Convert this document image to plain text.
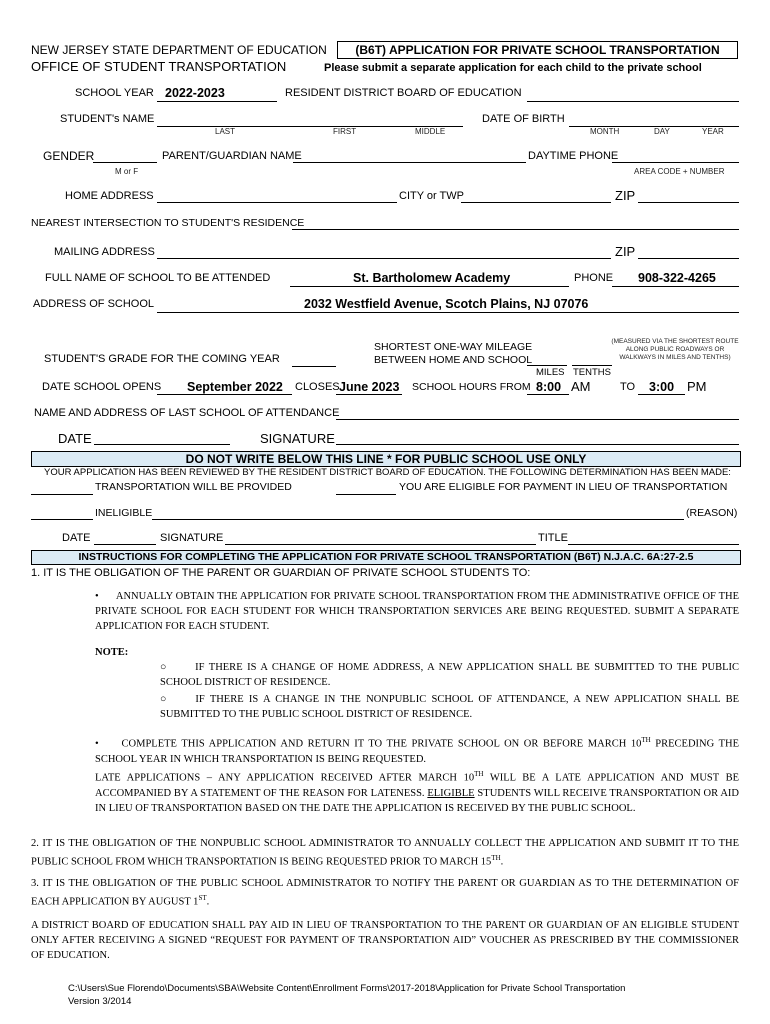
NEW JERSEY STATE DEPARTMENT OF EDUCATION
OFFICE OF STUDENT TRANSPORTATION
(B6T) APPLICATION FOR PRIVATE SCHOOL TRANSPORTATION
Please submit a separate application for each child to the private school
SCHOOL YEAR 2022-2023	RESIDENT DISTRICT BOARD OF EDUCATION
STUDENT's NAME
LAST	FIRST	MIDDLE
DATE OF BIRTH
MONTH	DAY	YEAR
GENDER
M or F
PARENT/GUARDIAN NAME	DAYTIME PHONE
AREA CODE + NUMBER
HOME ADDRESS	CITY or TWP	ZIP
NEAREST INTERSECTION TO STUDENT'S RESIDENCE
MAILING ADDRESS	ZIP
FULL NAME OF SCHOOL TO BE ATTENDED	St. Bartholomew Academy	PHONE 908-322-4265
ADDRESS OF SCHOOL	2032 Westfield Avenue, Scotch Plains, NJ 07076
SHORTEST ONE-WAY MILEAGE
BETWEEN HOME AND SCHOOL
(MEASURED VIA THE SHORTEST ROUTE
ALONG PUBLIC ROADWAYS OR
WALKWAYS IN MILES AND TENTHS)
MILES TENTHS
STUDENT'S GRADE FOR THE COMING YEAR
DATE SCHOOL OPENS September 2022 CLOSES June 2023 SCHOOL HOURS FROM 8:00 AM	TO 3:00 PM
NAME AND ADDRESS OF LAST SCHOOL OF ATTENDANCE
DATE	SIGNATURE
DO NOT WRITE BELOW THIS LINE * FOR PUBLIC SCHOOL USE ONLY
YOUR APPLICATION HAS BEEN REVIEWED BY THE RESIDENT DISTRICT BOARD OF EDUCATION. THE FOLLOWING DETERMINATION HAS BEEN MADE:
TRANSPORTATION WILL BE PROVIDED	YOU ARE ELIGIBLE FOR PAYMENT IN LIEU OF TRANSPORTATION
INELIGIBLE	(REASON)
DATE	SIGNATURE	TITLE
INSTRUCTIONS FOR COMPLETING THE APPLICATION FOR PRIVATE SCHOOL TRANSPORTATION (B6T) N.J.A.C. 6A:27-2.5
1. IT IS THE OBLIGATION OF THE PARENT OR GUARDIAN OF PRIVATE SCHOOL STUDENTS TO:
•      ANNUALLY OBTAIN THE APPLICATION FOR PRIVATE SCHOOL TRANSPORTATION FROM THE ADMINISTRATIVE OFFICE OF THE PRIVATE SCHOOL FOR EACH STUDENT FOR WHICH TRANSPORTATION SERVICES ARE BEING REQUESTED. SUBMIT A SEPARATE APPLICATION FOR EACH STUDENT.
NOTE:
○      IF THERE IS A CHANGE OF HOME ADDRESS, A NEW APPLICATION SHALL BE SUBMITTED TO THE PUBLIC SCHOOL DISTRICT OF RESIDENCE.
○     IF THERE IS A CHANGE IN THE NONPUBLIC SCHOOL OF ATTENDANCE, A NEW APPLICATION SHALL BE SUBMITTED TO THE PUBLIC SCHOOL DISTRICT OF RESIDENCE.
•     COMPLETE THIS APPLICATION AND RETURN IT TO THE PRIVATE SCHOOL ON OR BEFORE MARCH 10TH PRECEDING THE SCHOOL YEAR IN WHICH TRANSPORTATION IS BEING REQUESTED.
LATE APPLICATIONS – ANY APPLICATION RECEIVED AFTER MARCH 10TH WILL BE A LATE APPLICATION AND MUST BE ACCOMPANIED BY A STATEMENT OF THE REASON FOR LATENESS. ELIGIBLE STUDENTS WILL RECEIVE TRANSPORTATION OR AID IN LIEU OF TRANSPORTATION BASED ON THE DATE THE APPLICATION IS RECEIVED BY THE PUBLIC SCHOOL.
2. IT IS THE OBLIGATION OF THE NONPUBLIC SCHOOL ADMINISTRATOR TO ANNUALLY COLLECT THE APPLICATION AND SUBMIT IT TO THE PUBLIC SCHOOL FROM WHICH TRANSPORTATION IS BEING REQUESTED PRIOR TO MARCH 15TH.
3. IT IS THE OBLIGATION OF THE PUBLIC SCHOOL ADMINISTRATOR TO NOTIFY THE PARENT OR GUARDIAN AS TO THE DETERMINATION OF EACH APPLICATION BY AUGUST 1ST.
A DISTRICT BOARD OF EDUCATION SHALL PAY AID IN LIEU OF TRANSPORTATION TO THE PARENT OR GUARDIAN OF AN ELIGIBLE STUDENT ONLY AFTER RECEIVING A SIGNED “REQUEST FOR PAYMENT OF TRANSPORTATION AID” VOUCHER AS PRESCRIBED BY THE COMMISSIONER OF EDUCATION.
C:\Users\Sue Florendo\Documents\SBA\Website Content\Enrollment Forms\2017-2018\Application for Private School Transportation
Version 3/2014
